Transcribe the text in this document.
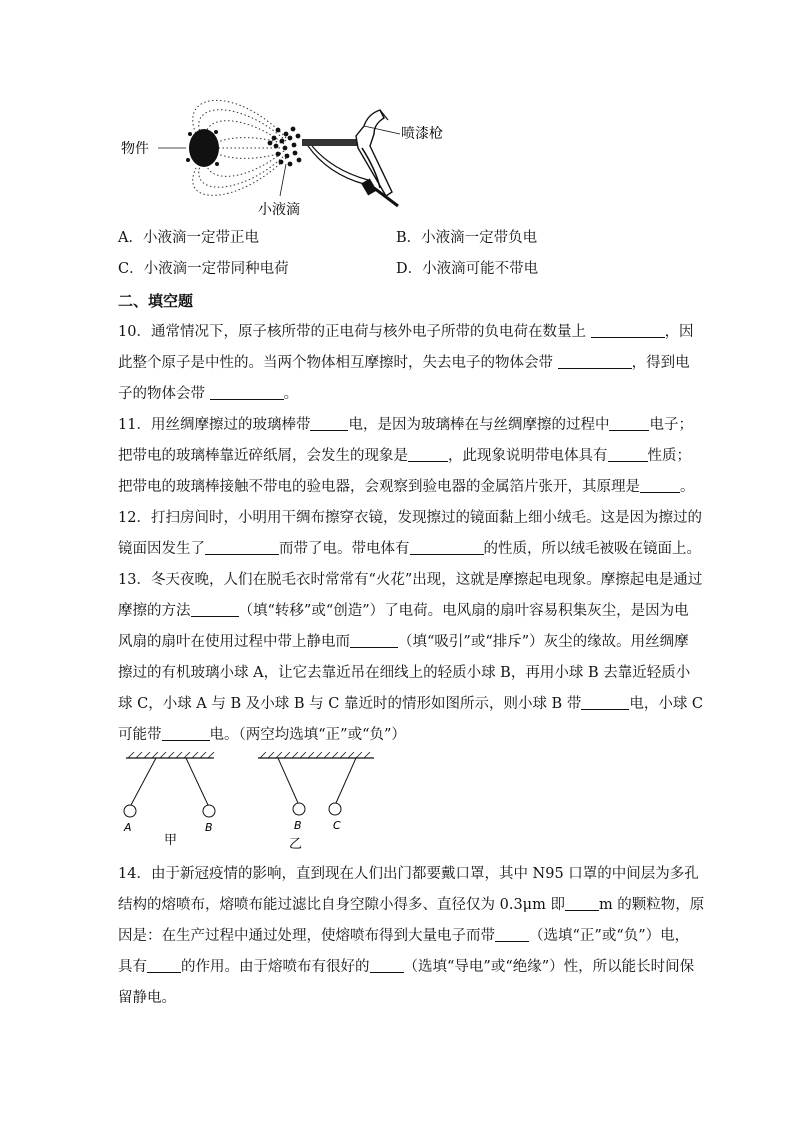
物件
喷漆枪
小液滴
A．小液滴一定带正电	B．小液滴一定带负电
C．小液滴一定带同种电荷	D．小液滴可能不带电
二、填空题
10．通常情况下，原子核所带的正电荷与核外电子所带的负电荷在数量上	，因
此整个原子是中性的。当两个物体相互摩擦时，失去电子的物体会带	，得到电
子的物体会带	。
11．用丝绸摩擦过的玻璃棒带	电，是因为玻璃棒在与丝绸摩擦的过程中	电子；
把带电的玻璃棒靠近碎纸屑，会发生的现象是	，此现象说明带电体具有	性质；
把带电的玻璃棒接触不带电的验电器，会观察到验电器的金属箔片张开，其原理是	。
12．打扫房间时，小明用干绸布擦穿衣镜，发现擦过的镜面黏上细小绒毛。这是因为擦过的
镜面因发生了	而带了电。带电体有	的性质，所以绒毛被吸在镜面上。
13．冬天夜晚，人们在脱毛衣时常常有“火花”出现，这就是摩擦起电现象。摩擦起电是通过
摩擦的方法	（填“转移”或“创造”）了电荷。电风扇的扇叶容易积集灰尘，是因为电
风扇的扇叶在使用过程中带上静电而	（填“吸引”或“排斥”）灰尘的缘故。用丝绸摩
擦过的有机玻璃小球 A，让它去靠近吊在细线上的轻质小球 B，再用小球 B 去靠近轻质小
球 C，小球 A 与 B 及小球 B 与 C 靠近时的情形如图所示，则小球 B 带	电，小球 C
可能带	电。（两空均选填“正”或“负”）
A	B
甲
B	C
乙
14．由于新冠疫情的影响，直到现在人们出门都要戴口罩，其中 N95 口罩的中间层为多孔
结构的熔喷布，熔喷布能过滤比自身空隙小得多、直径仅为 0.3μm 即 m 的颗粒物，原
因是：在生产过程中通过处理，使熔喷布得到大量电子而带 （选填“正”或“负”）电，
具有 的作用。由于熔喷布有很好的 （选填“导电”或“绝缘”）性，所以能长时间保
留静电。
